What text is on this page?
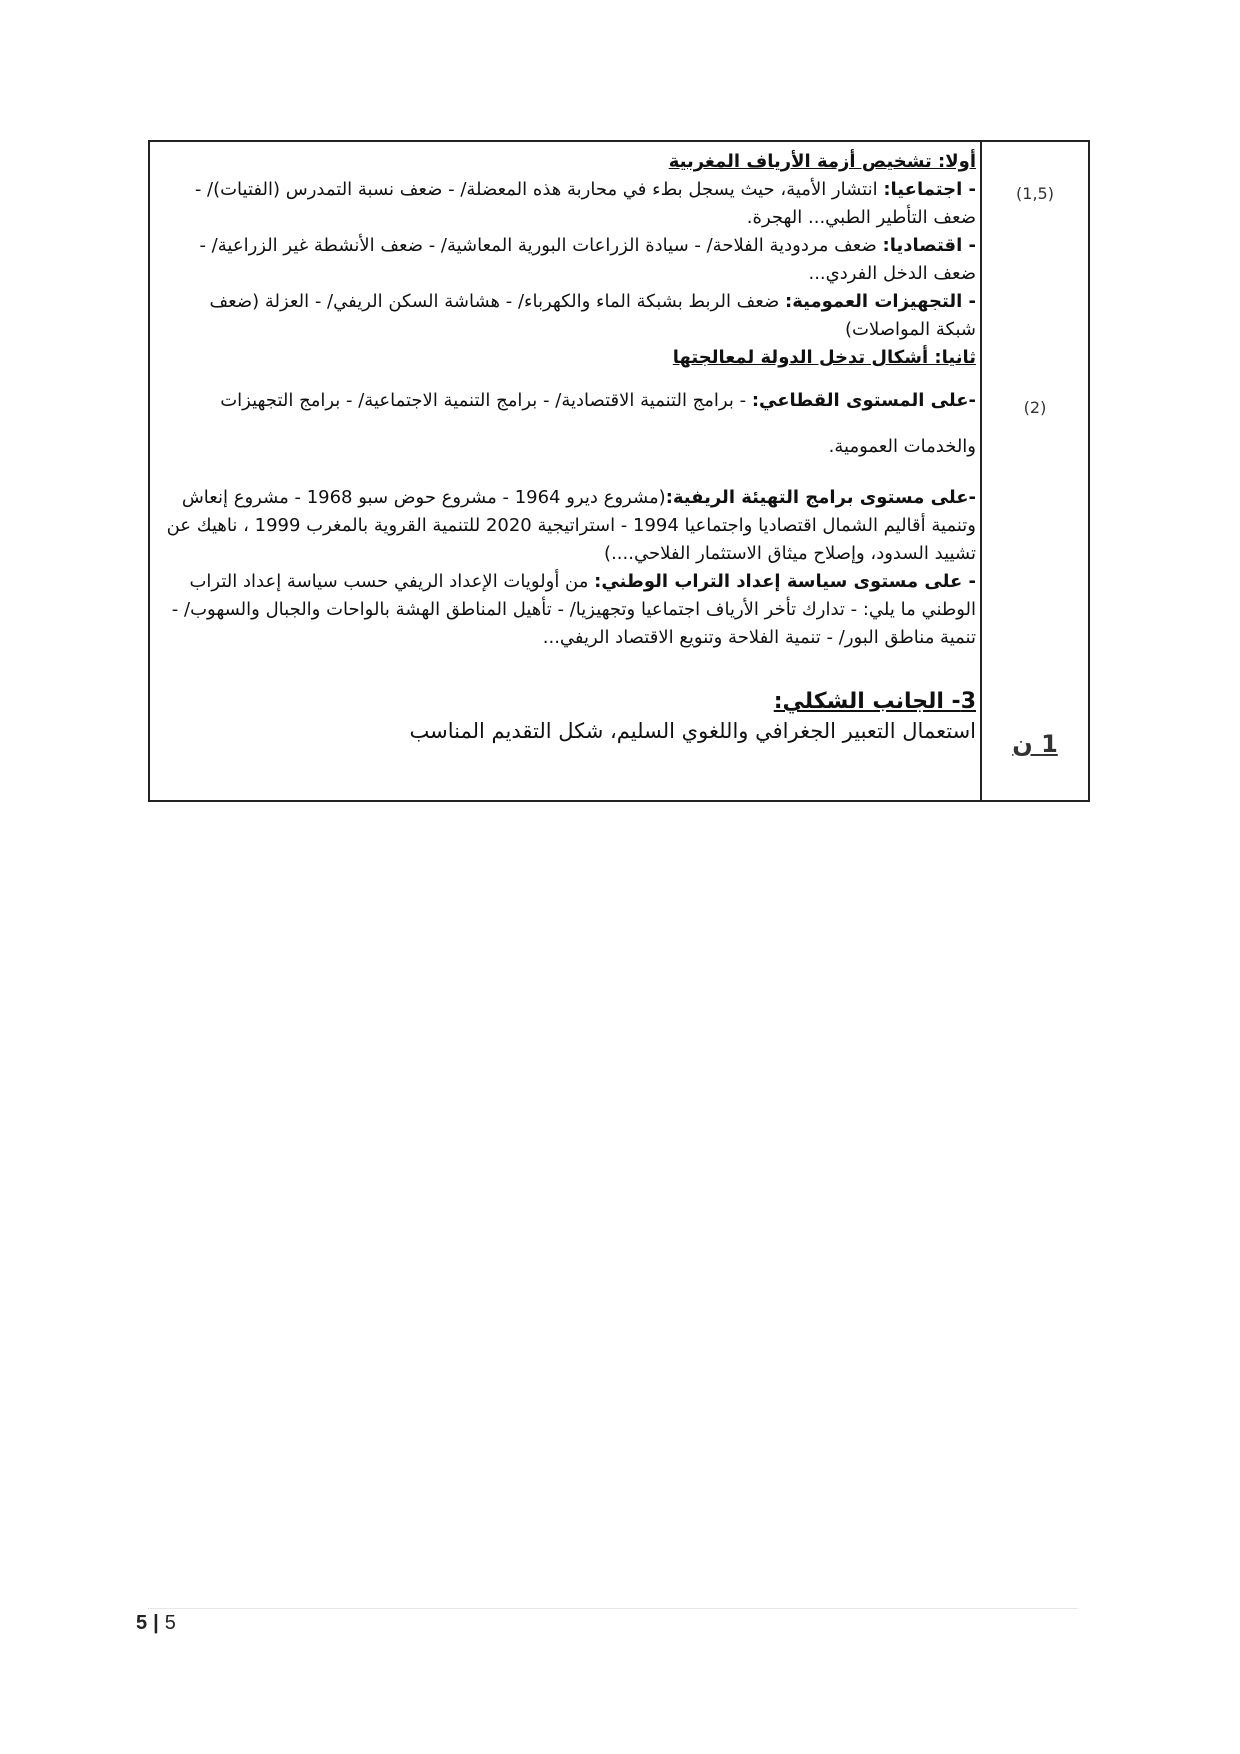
أولا: تشخيص أزمة الأرياف المغربية

- اجتماعيا: انتشار الأمية، حيث يسجل بطء في محاربة هذه المعضلة/ - ضعف نسبة التمدرس (الفتيات)/ - ضعف التأطير الطبي... الهجرة.

- اقتصاديا: ضعف مردودية الفلاحة/ - سيادة الزراعات البورية المعاشية/ - ضعف الأنشطة غير الزراعية/ - ضعف الدخل الفردي...

- التجهيزات العمومية: ضعف الربط بشبكة الماء والكهرباء/ - هشاشة السكن الريفي/ - العزلة (ضعف شبكة المواصلات)

ثانيا: أشكال تدخل الدولة لمعالجتها

-على المستوى القطاعي: - برامج التنمية الاقتصادية/ - برامج التنمية الاجتماعية/ - برامج التجهيزات والخدمات العمومية.

-على مستوى برامج التهيئة الريفية:(مشروع ديرو 1964 - مشروع حوض سبو 1968 - مشروع إنعاش وتنمية أقاليم الشمال اقتصاديا واجتماعيا 1994 - استراتيجية 2020 للتنمية القروية بالمغرب 1999 ، ناهيك عن تشييد السدود، وإصلاح ميثاق الاستثمار الفلاحي....)

- على مستوى سياسة إعداد التراب الوطني: من أولويات الإعداد الريفي حسب سياسة إعداد التراب الوطني ما يلي: - تدارك تأخر الأرياف اجتماعيا وتجهيزيا/ - تأهيل المناطق الهشة بالواحات والجبال والسهوب/ - تنمية مناطق البور/ - تنمية الفلاحة وتنويع الاقتصاد الريفي...

3- الجانب الشكلي:

استعمال التعبير الجغرافي واللغوي السليم، شكل التقديم المناسب

(1,5)
(2)
1 ن
5 | 5
